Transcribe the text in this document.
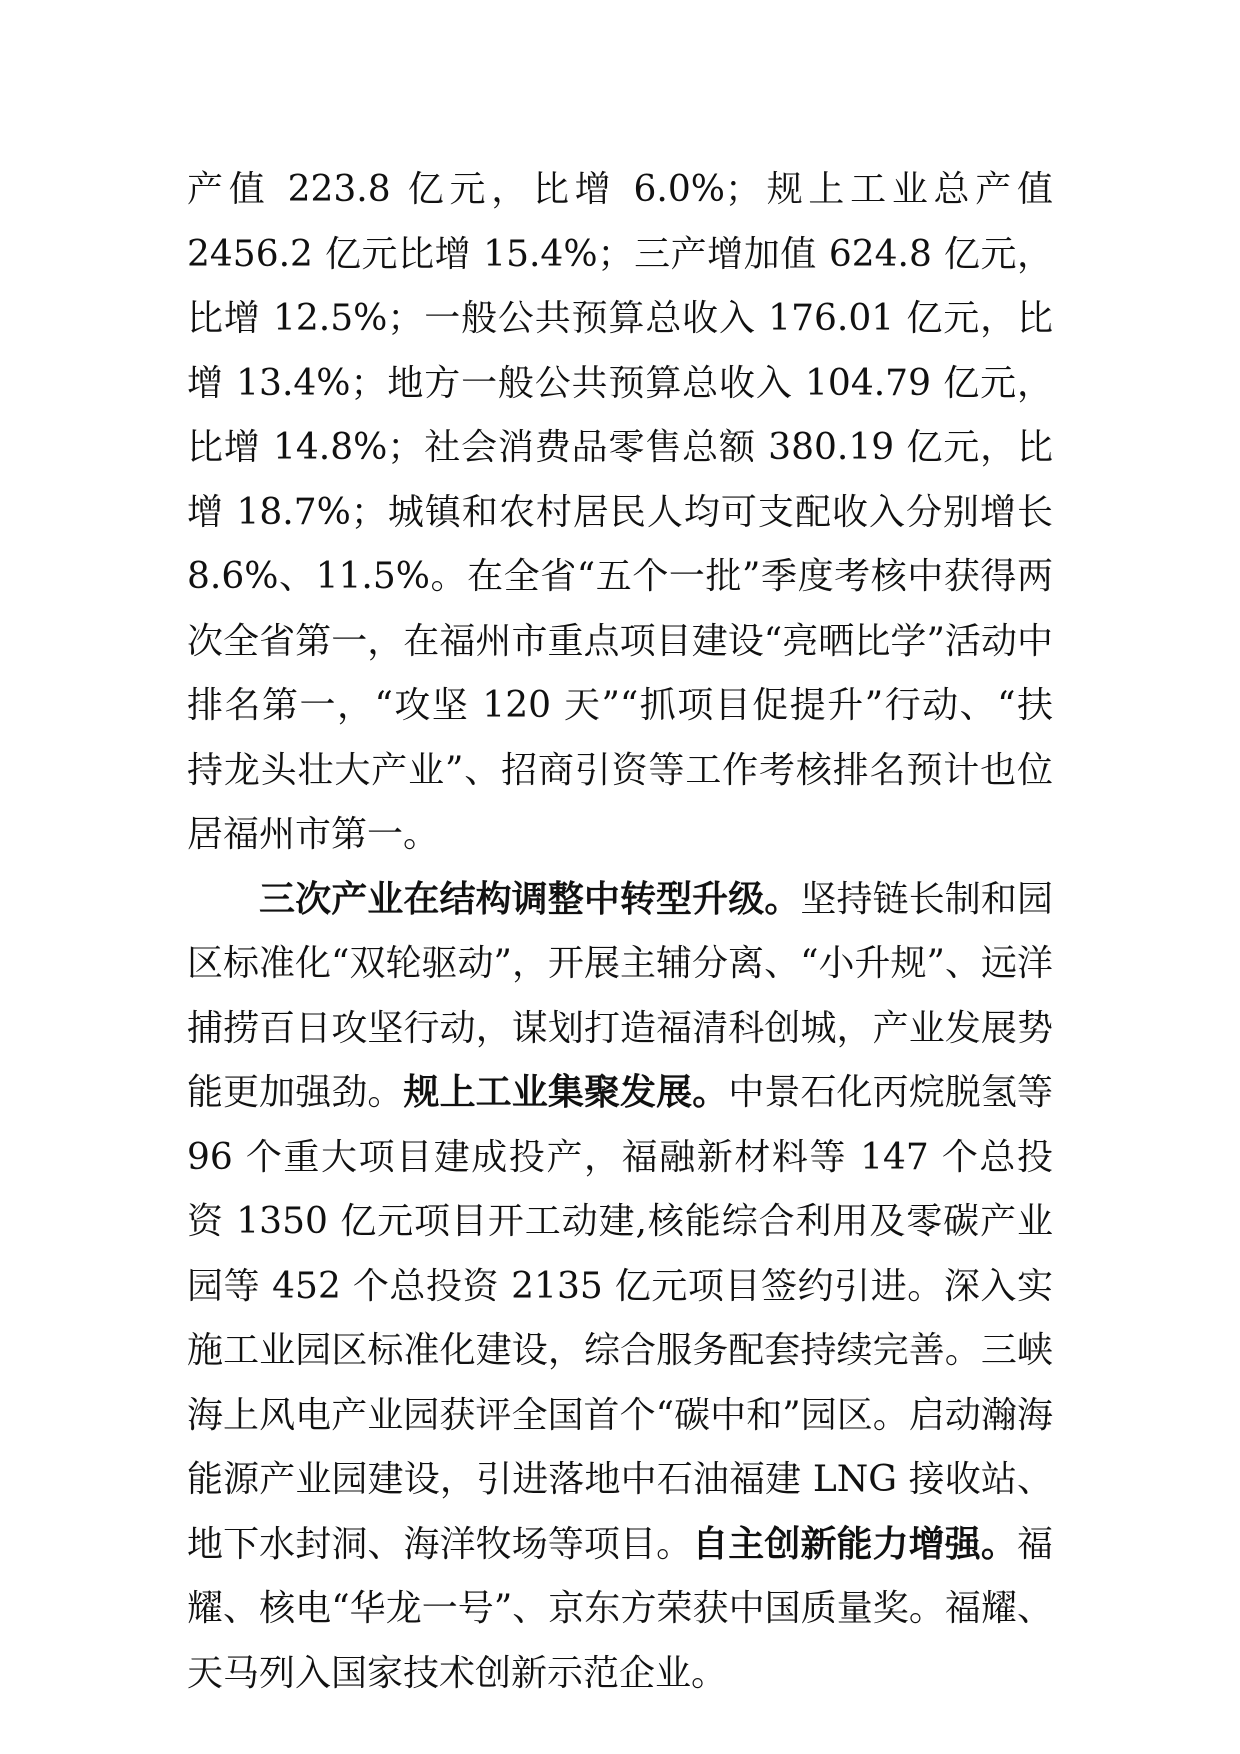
产值 223.8 亿元，比增 6.0%；规上工业总产值 2456.2 亿元比增 15.4%；三产增加值 624.8 亿元，比增 12.5%；一般公共预算总收入 176.01 亿元，比增 13.4%；地方一般公共预算总收入 104.79 亿元，比增 14.8%；社会消费品零售总额 380.19 亿元，比增 18.7%；城镇和农村居民人均可支配收入分别增长 8.6%、11.5%。在全省“五个一批”季度考核中获得两次全省第一，在福州市重点项目建设“亮晒比学”活动中排名第一，“攻坚 120 天”“抓项目促提升”行动、“扶持龙头壮大产业”、招商引资等工作考核排名预计也位居福州市第一。

三次产业在结构调整中转型升级。坚持链长制和园区标准化“双轮驱动”，开展主辅分离、“小升规”、远洋捕捞百日攻坚行动，谋划打造福清科创城，产业发展势能更加强劲。规上工业集聚发展。中景石化丙烷脱氢等 96 个重大项目建成投产，福融新材料等 147 个总投资 1350 亿元项目开工动建,核能综合利用及零碳产业园等 452 个总投资 2135 亿元项目签约引进。深入实施工业园区标准化建设，综合服务配套持续完善。三峡海上风电产业园获评全国首个“碳中和”园区。启动瀚海能源产业园建设，引进落地中石油福建 LNG 接收站、地下水封洞、海洋牧场等项目。自主创新能力增强。福耀、核电“华龙一号”、京东方荣获中国质量奖。福耀、天马列入国家技术创新示范企业。
